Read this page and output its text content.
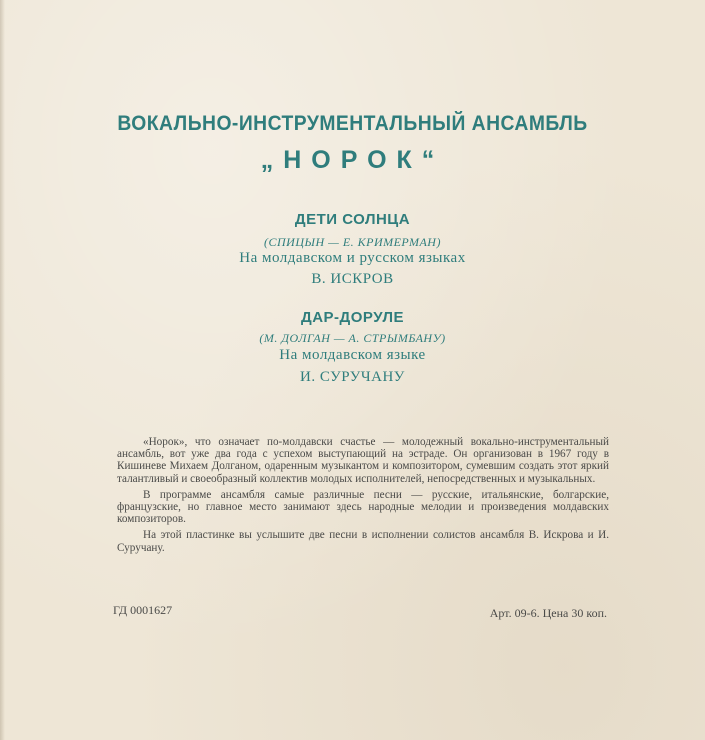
ВОКАЛЬНО-ИНСТРУМЕНТАЛЬНЫЙ АНСАМБЛЬ
„НОРОК“
ДЕТИ СОЛНЦА
(СПИЦЫН — Е. КРИМЕРМАН)
На молдавском и русском языках
В. ИСКРОВ
ДАР-ДОРУЛЕ
(М. ДОЛГАН — А. СТРЫМБАНУ)
На молдавском языке
И. СУРУЧАНУ

«Норок», что означает по-молдавски счастье — молодежный вокально-инструментальный ансамбль, вот уже два года с успехом выступающий на эстраде. Он организован в 1967 году в Кишиневе Михаем Долганом, одаренным музыкантом и композитором, сумевшим создать этот яркий талантливый и своеобразный коллектив молодых исполнителей, непосредственных и музыкальных.

В программе ансамбля самые различные песни — русские, итальянские, болгарские, французские, но главное место занимают здесь народные мелодии и произведения молдавских композиторов.

На этой пластинке вы услышите две песни в исполнении солистов ансамбля В. Искрова и И. Суручану.

ГД 0001627	Арт. 09-6. Цена 30 коп.
